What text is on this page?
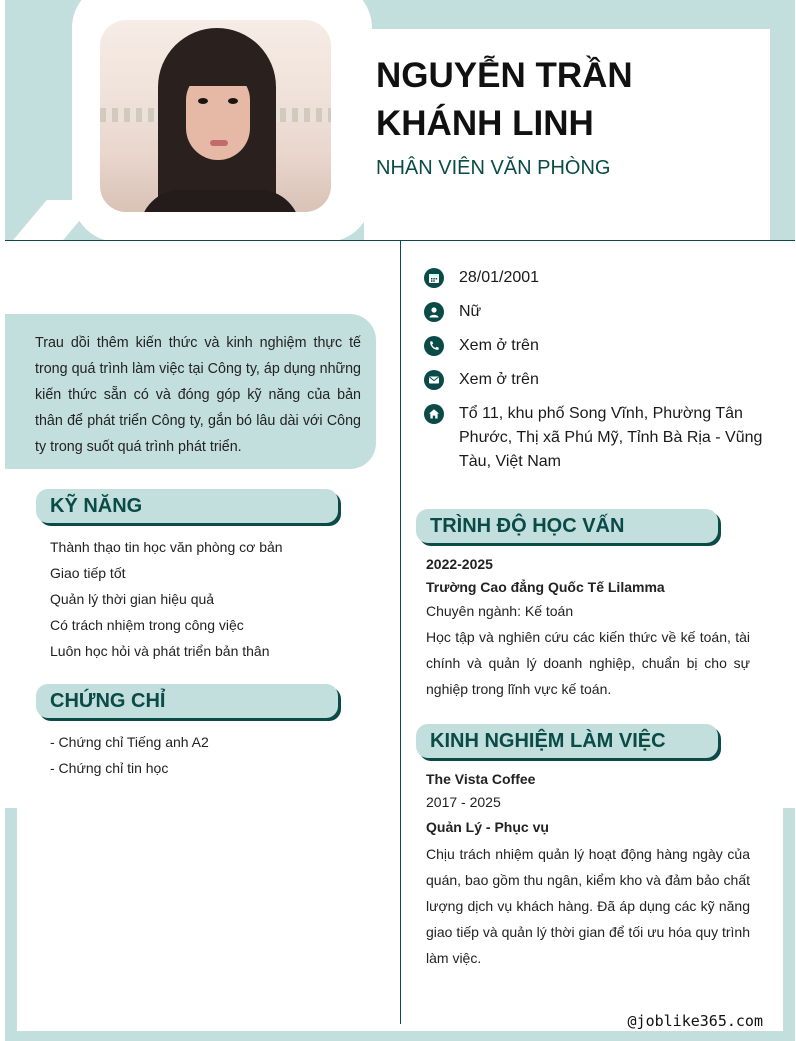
NGUYỄN TRẦN KHÁNH LINH
NHÂN VIÊN VĂN PHÒNG

Trau dồi thêm kiến thức và kinh nghiệm thực tế trong quá trình làm việc tại Công ty, áp dụng những kiến thức sẵn có và đóng góp kỹ năng của bản thân để phát triển Công ty, gắn bó lâu dài với Công ty trong suốt quá trình phát triển.

KỸ NĂNG
Thành thạo tin học văn phòng cơ bản
Giao tiếp tốt
Quản lý thời gian hiệu quả
Có trách nhiệm trong công việc
Luôn học hỏi và phát triển bản thân
CHỨNG CHỈ
- Chứng chỉ Tiếng anh A2
- Chứng chỉ tin học
28/01/2001
Nữ
Xem ở trên
Xem ở trên
Tổ 11, khu phố Song Vĩnh, Phường Tân Phước, Thị xã Phú Mỹ, Tỉnh Bà Rịa - Vũng Tàu, Việt Nam
TRÌNH ĐỘ HỌC VẤN
2022-2025
Trường Cao đẳng Quốc Tế Lilamma
Chuyên ngành: Kế toán

Học tập và nghiên cứu các kiến thức về kế toán, tài chính và quản lý doanh nghiệp, chuẩn bị cho sự nghiệp trong lĩnh vực kế toán.

KINH NGHIỆM LÀM VIỆC
The Vista Coffee
2017 - 2025
Quản Lý - Phục vụ

Chịu trách nhiệm quản lý hoạt động hàng ngày của quán, bao gồm thu ngân, kiểm kho và đảm bảo chất lượng dịch vụ khách hàng. Đã áp dụng các kỹ năng giao tiếp và quản lý thời gian để tối ưu hóa quy trình làm việc.

@joblike365.com
